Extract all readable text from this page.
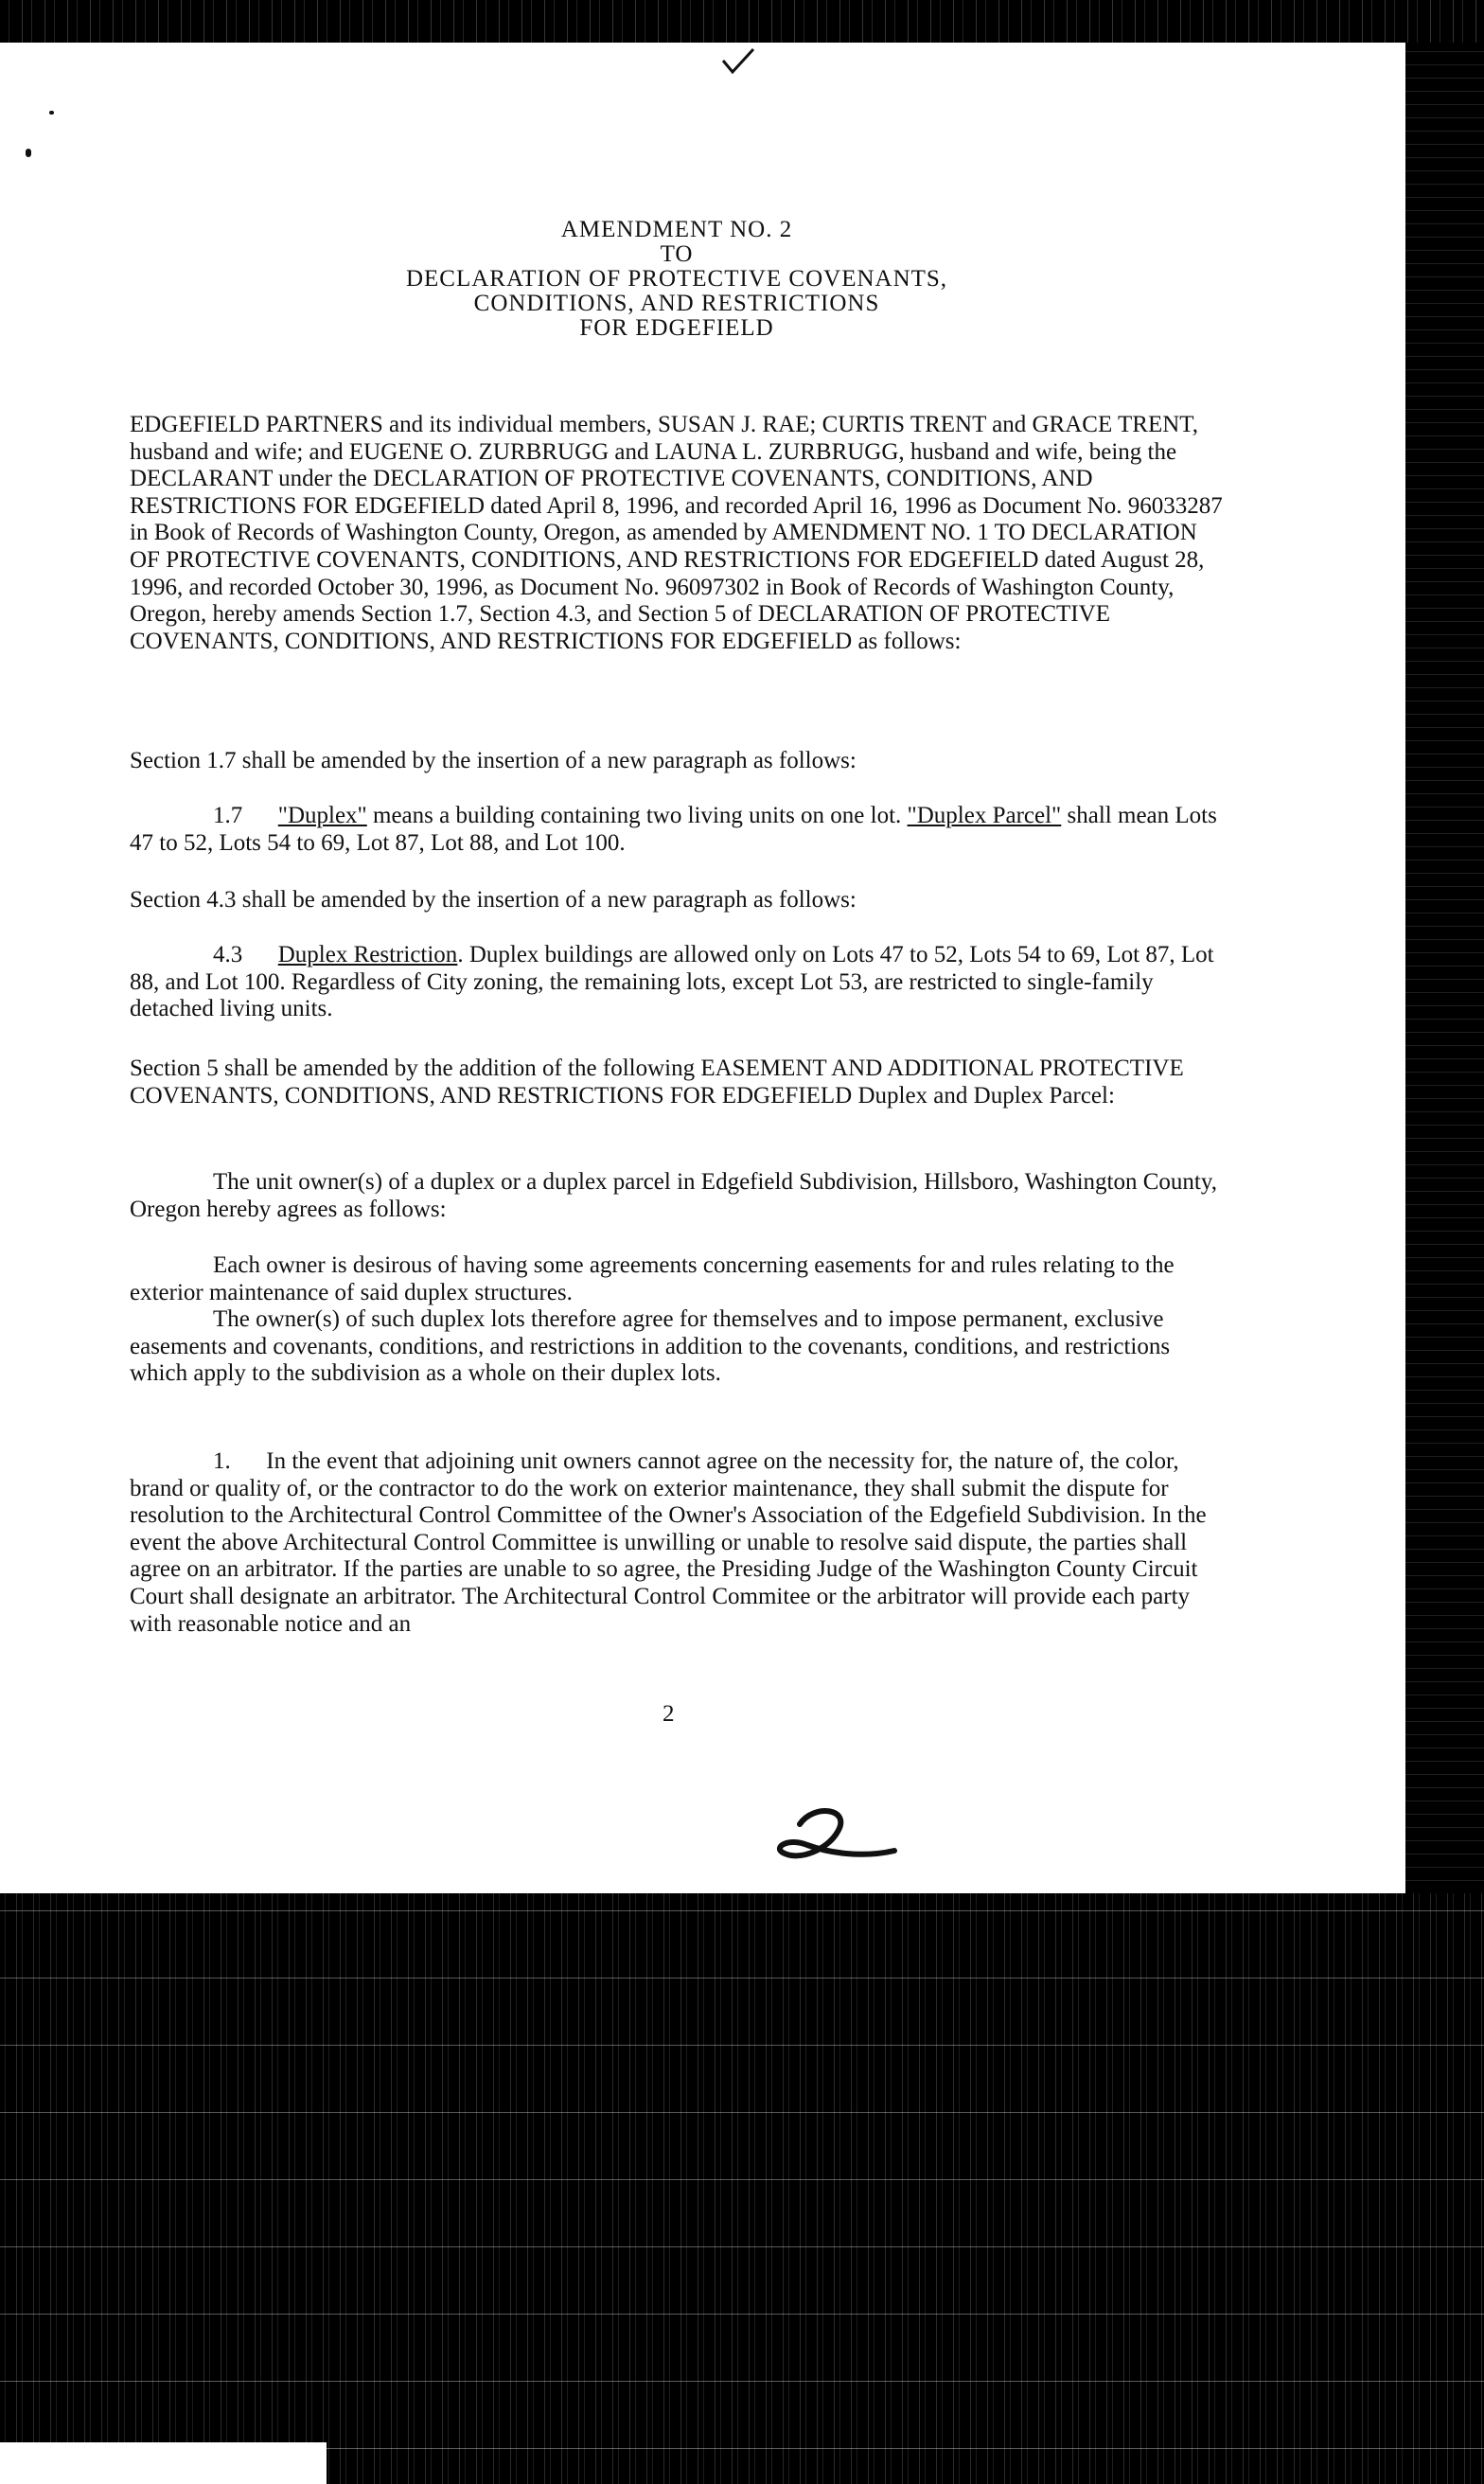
AMENDMENT NO. 2
TO
DECLARATION OF PROTECTIVE COVENANTS,
CONDITIONS, AND RESTRICTIONS
FOR EDGEFIELD

EDGEFIELD PARTNERS and its individual members, SUSAN J. RAE; CURTIS TRENT and GRACE TRENT, husband and wife; and EUGENE O. ZURBRUGG and LAUNA L. ZURBRUGG, husband and wife, being the DECLARANT under the DECLARATION OF PROTECTIVE COVENANTS, CONDITIONS, AND RESTRICTIONS FOR EDGEFIELD dated April 8, 1996, and recorded April 16, 1996 as Document No. 96033287 in Book of Records of Washington County, Oregon, as amended by AMENDMENT NO. 1 TO DECLARATION OF PROTECTIVE COVENANTS, CONDITIONS, AND RESTRICTIONS FOR EDGEFIELD dated August 28, 1996, and recorded October 30, 1996, as Document No. 96097302 in Book of Records of Washington County, Oregon, hereby amends Section 1.7, Section 4.3, and Section 5 of DECLARATION OF PROTECTIVE COVENANTS, CONDITIONS, AND RESTRICTIONS FOR EDGEFIELD as follows:

Section 1.7 shall be amended by the insertion of a new paragraph as follows:

1.7 "Duplex" means a building containing two living units on one lot. "Duplex Parcel" shall mean Lots 47 to 52, Lots 54 to 69, Lot 87, Lot 88, and Lot 100.

Section 4.3 shall be amended by the insertion of a new paragraph as follows:

4.3 Duplex Restriction. Duplex buildings are allowed only on Lots 47 to 52, Lots 54 to 69, Lot 87, Lot 88, and Lot 100. Regardless of City zoning, the remaining lots, except Lot 53, are restricted to single-family detached living units.

Section 5 shall be amended by the addition of the following EASEMENT AND ADDITIONAL PROTECTIVE COVENANTS, CONDITIONS, AND RESTRICTIONS FOR EDGEFIELD Duplex and Duplex Parcel:

The unit owner(s) of a duplex or a duplex parcel in Edgefield Subdivision, Hillsboro, Washington County, Oregon hereby agrees as follows:

Each owner is desirous of having some agreements concerning easements for and rules relating to the exterior maintenance of said duplex structures.

The owner(s) of such duplex lots therefore agree for themselves and to impose permanent, exclusive easements and covenants, conditions, and restrictions in addition to the covenants, conditions, and restrictions which apply to the subdivision as a whole on their duplex lots.

1. In the event that adjoining unit owners cannot agree on the necessity for, the nature of, the color, brand or quality of, or the contractor to do the work on exterior maintenance, they shall submit the dispute for resolution to the Architectural Control Committee of the Owner's Association of the Edgefield Subdivision. In the event the above Architectural Control Committee is unwilling or unable to resolve said dispute, the parties shall agree on an arbitrator. If the parties are unable to so agree, the Presiding Judge of the Washington County Circuit Court shall designate an arbitrator. The Architectural Control Commitee or the arbitrator will provide each party with reasonable notice and an

2
